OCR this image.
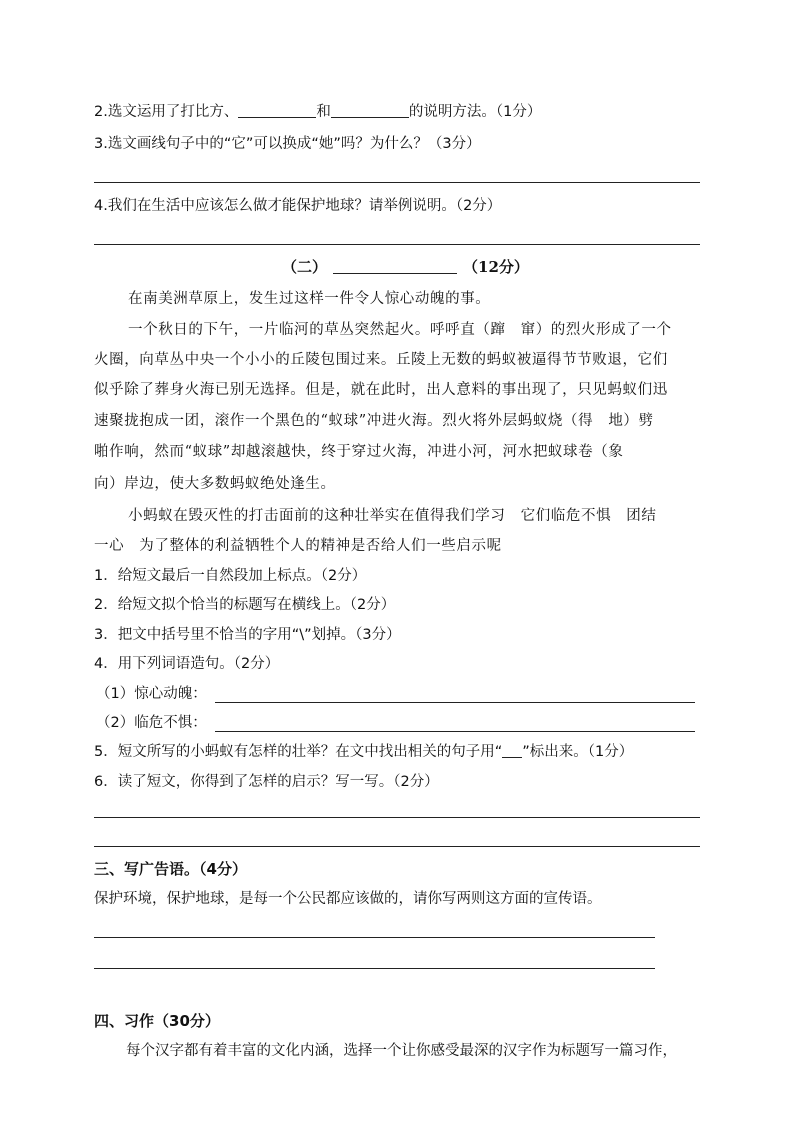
2.选文运用了打比方、	和	的说明方法。（1分）
3.选文画线句子中的“它”可以换成“她”吗？为什么？（3分）
4.我们在生活中应该怎么做才能保护地球？请举例说明。（2分）
（二）	（12分）
在南美洲草原上，发生过这样一件令人惊心动魄的事。
一个秋日的下午，一片临河的草丛突然起火。呼呼直（蹿　窜）的烈火形成了一个
火圈，向草丛中央一个小小的丘陵包围过来。丘陵上无数的蚂蚁被逼得节节败退，它们
似乎除了葬身火海已别无选择。但是，就在此时，出人意料的事出现了，只见蚂蚁们迅
速聚拢抱成一团，滚作一个黑色的“蚁球”冲进火海。烈火将外层蚂蚁烧（得　地）劈
啪作响，然而“蚁球”却越滚越快，终于穿过火海，冲进小河，河水把蚁球卷（象
向）岸边，使大多数蚂蚁绝处逢生。
小蚂蚁在毁灭性的打击面前的这种壮举实在值得我们学习　它们临危不惧　团结
一心　为了整体的利益牺牲个人的精神是否给人们一些启示呢
1．给短文最后一自然段加上标点。（2分）
2．给短文拟个恰当的标题写在横线上。（2分）
3．把文中括号里不恰当的字用“\”划掉。（3分）
4．用下列词语造句。（2分）
（1）惊心动魄：
（2）临危不惧：
5．短文所写的小蚂蚁有怎样的壮举？在文中找出相关的句子用“ ”标出来。（1分）
6．读了短文，你得到了怎样的启示？写一写。（2分）
三、写广告语。（4分）
保护环境，保护地球，是每一个公民都应该做的，请你写两则这方面的宣传语。
四、习作（30分）
每个汉字都有着丰富的文化内涵，选择一个让你感受最深的汉字作为标题写一篇习作，
